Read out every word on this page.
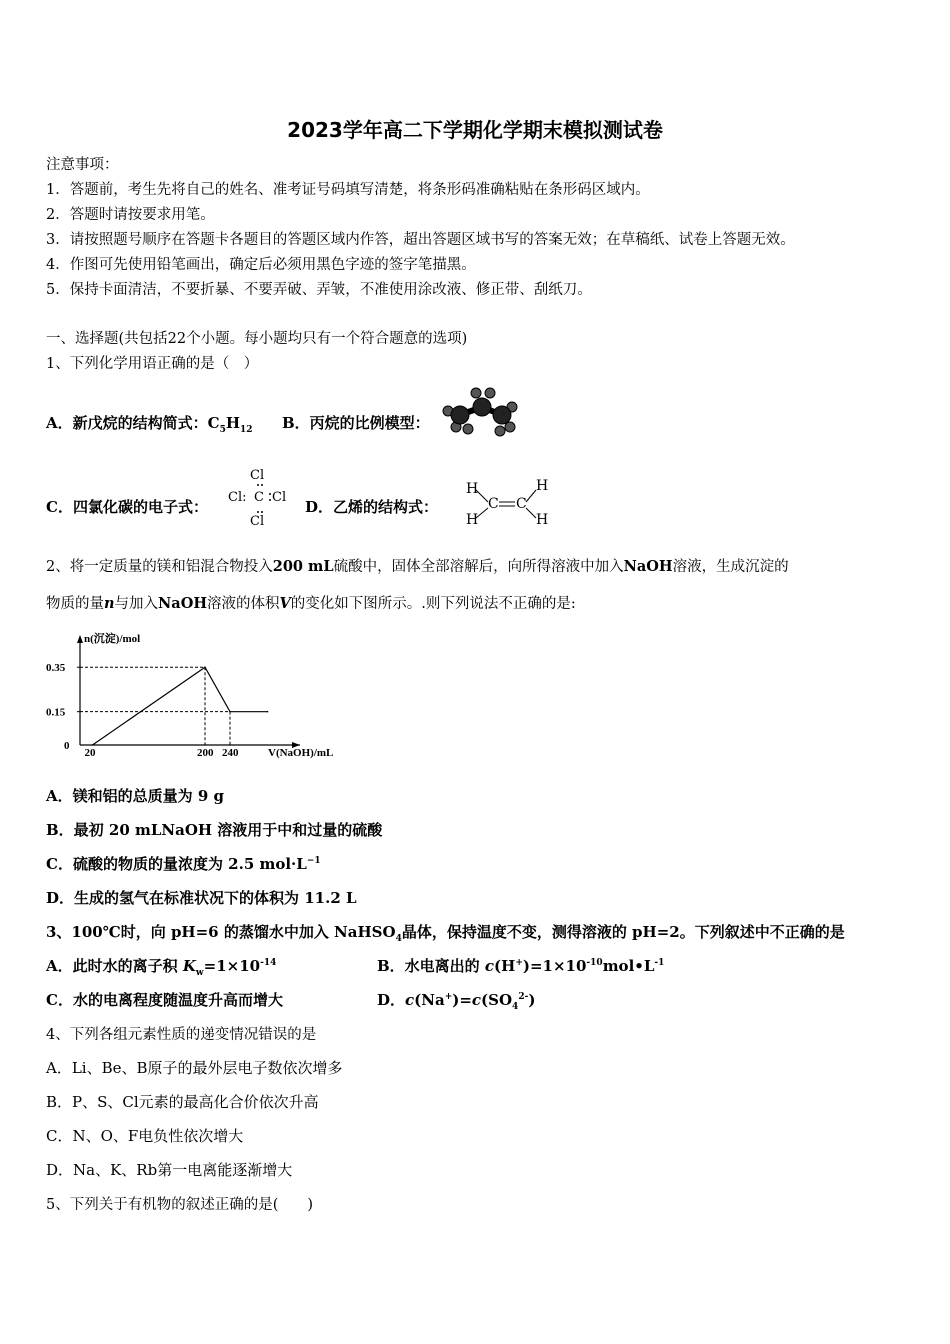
2023学年高二下学期化学期末模拟测试卷
注意事项：
1．答题前，考生先将自己的姓名、准考证号码填写清楚，将条形码准确粘贴在条形码区域内。
2．答题时请按要求用笔。
3．请按照题号顺序在答题卡各题目的答题区域内作答，超出答题区域书写的答案无效；在草稿纸、试卷上答题无效。
4．作图可先使用铅笔画出，确定后必须用黑色字迹的签字笔描黑。
5．保持卡面清洁，不要折暴、不要弄破、弄皱，不准使用涂改液、修正带、刮纸刀。
一、选择题(共包括22个小题。每小题均只有一个符合题意的选项)
1、下列化学用语正确的是（　）
A．新戊烷的结构简式：$C_5H_{12}$ B．丙烷的比例模型：
C．四氯化碳的电子式：
Cl
Cl: C Cl
Cl
D．乙烯的结构式：
H	H
H	H
C C
2、将一定质量的镁和铝混合物投入200 mL硫酸中，固体全部溶解后，向所得溶液中加入NaOH溶液，生成沉淀的
物质的量n与加入NaOH溶液的体积V的变化如下图所示。.则下列说法不正确的是:
n(沉淀)/mol
V(NaOH)/mL
0
0.35
0.15
20	200 240
A．镁和铝的总质量为 9 g
B．最初 20 mLNaOH 溶液用于中和过量的硫酸
C．硫酸的物质的量浓度为 2.5 $mol\cdot L^{-1}$
D．生成的氢气在标准状况下的体积为 11.2 L
3、100℃时，向 pH=6 的蒸馏水中加入 NaHSO$_4$晶体，保持温度不变，测得溶液的 pH=2。下列叙述中不正确的是
A．此时水的离子积 $K_w=1\times 10^{-14}$	B．水电离出的 $c(H^+)=1\times 10^{-10}mol•L^{-1}$
C．水的电离程度随温度升高而增大	D．$c(Na^+)=c(SO_4^{2-})$
4、下列各组元素性质的递变情况错误的是
A．Li、Be、B原子的最外层电子数依次增多
B．P、S、Cl元素的最高化合价依次升高
C．N、O、F电负性依次增大
D．Na、K、Rb第一电离能逐渐增大
5、下列关于有机物的叙述正确的是(　　)
